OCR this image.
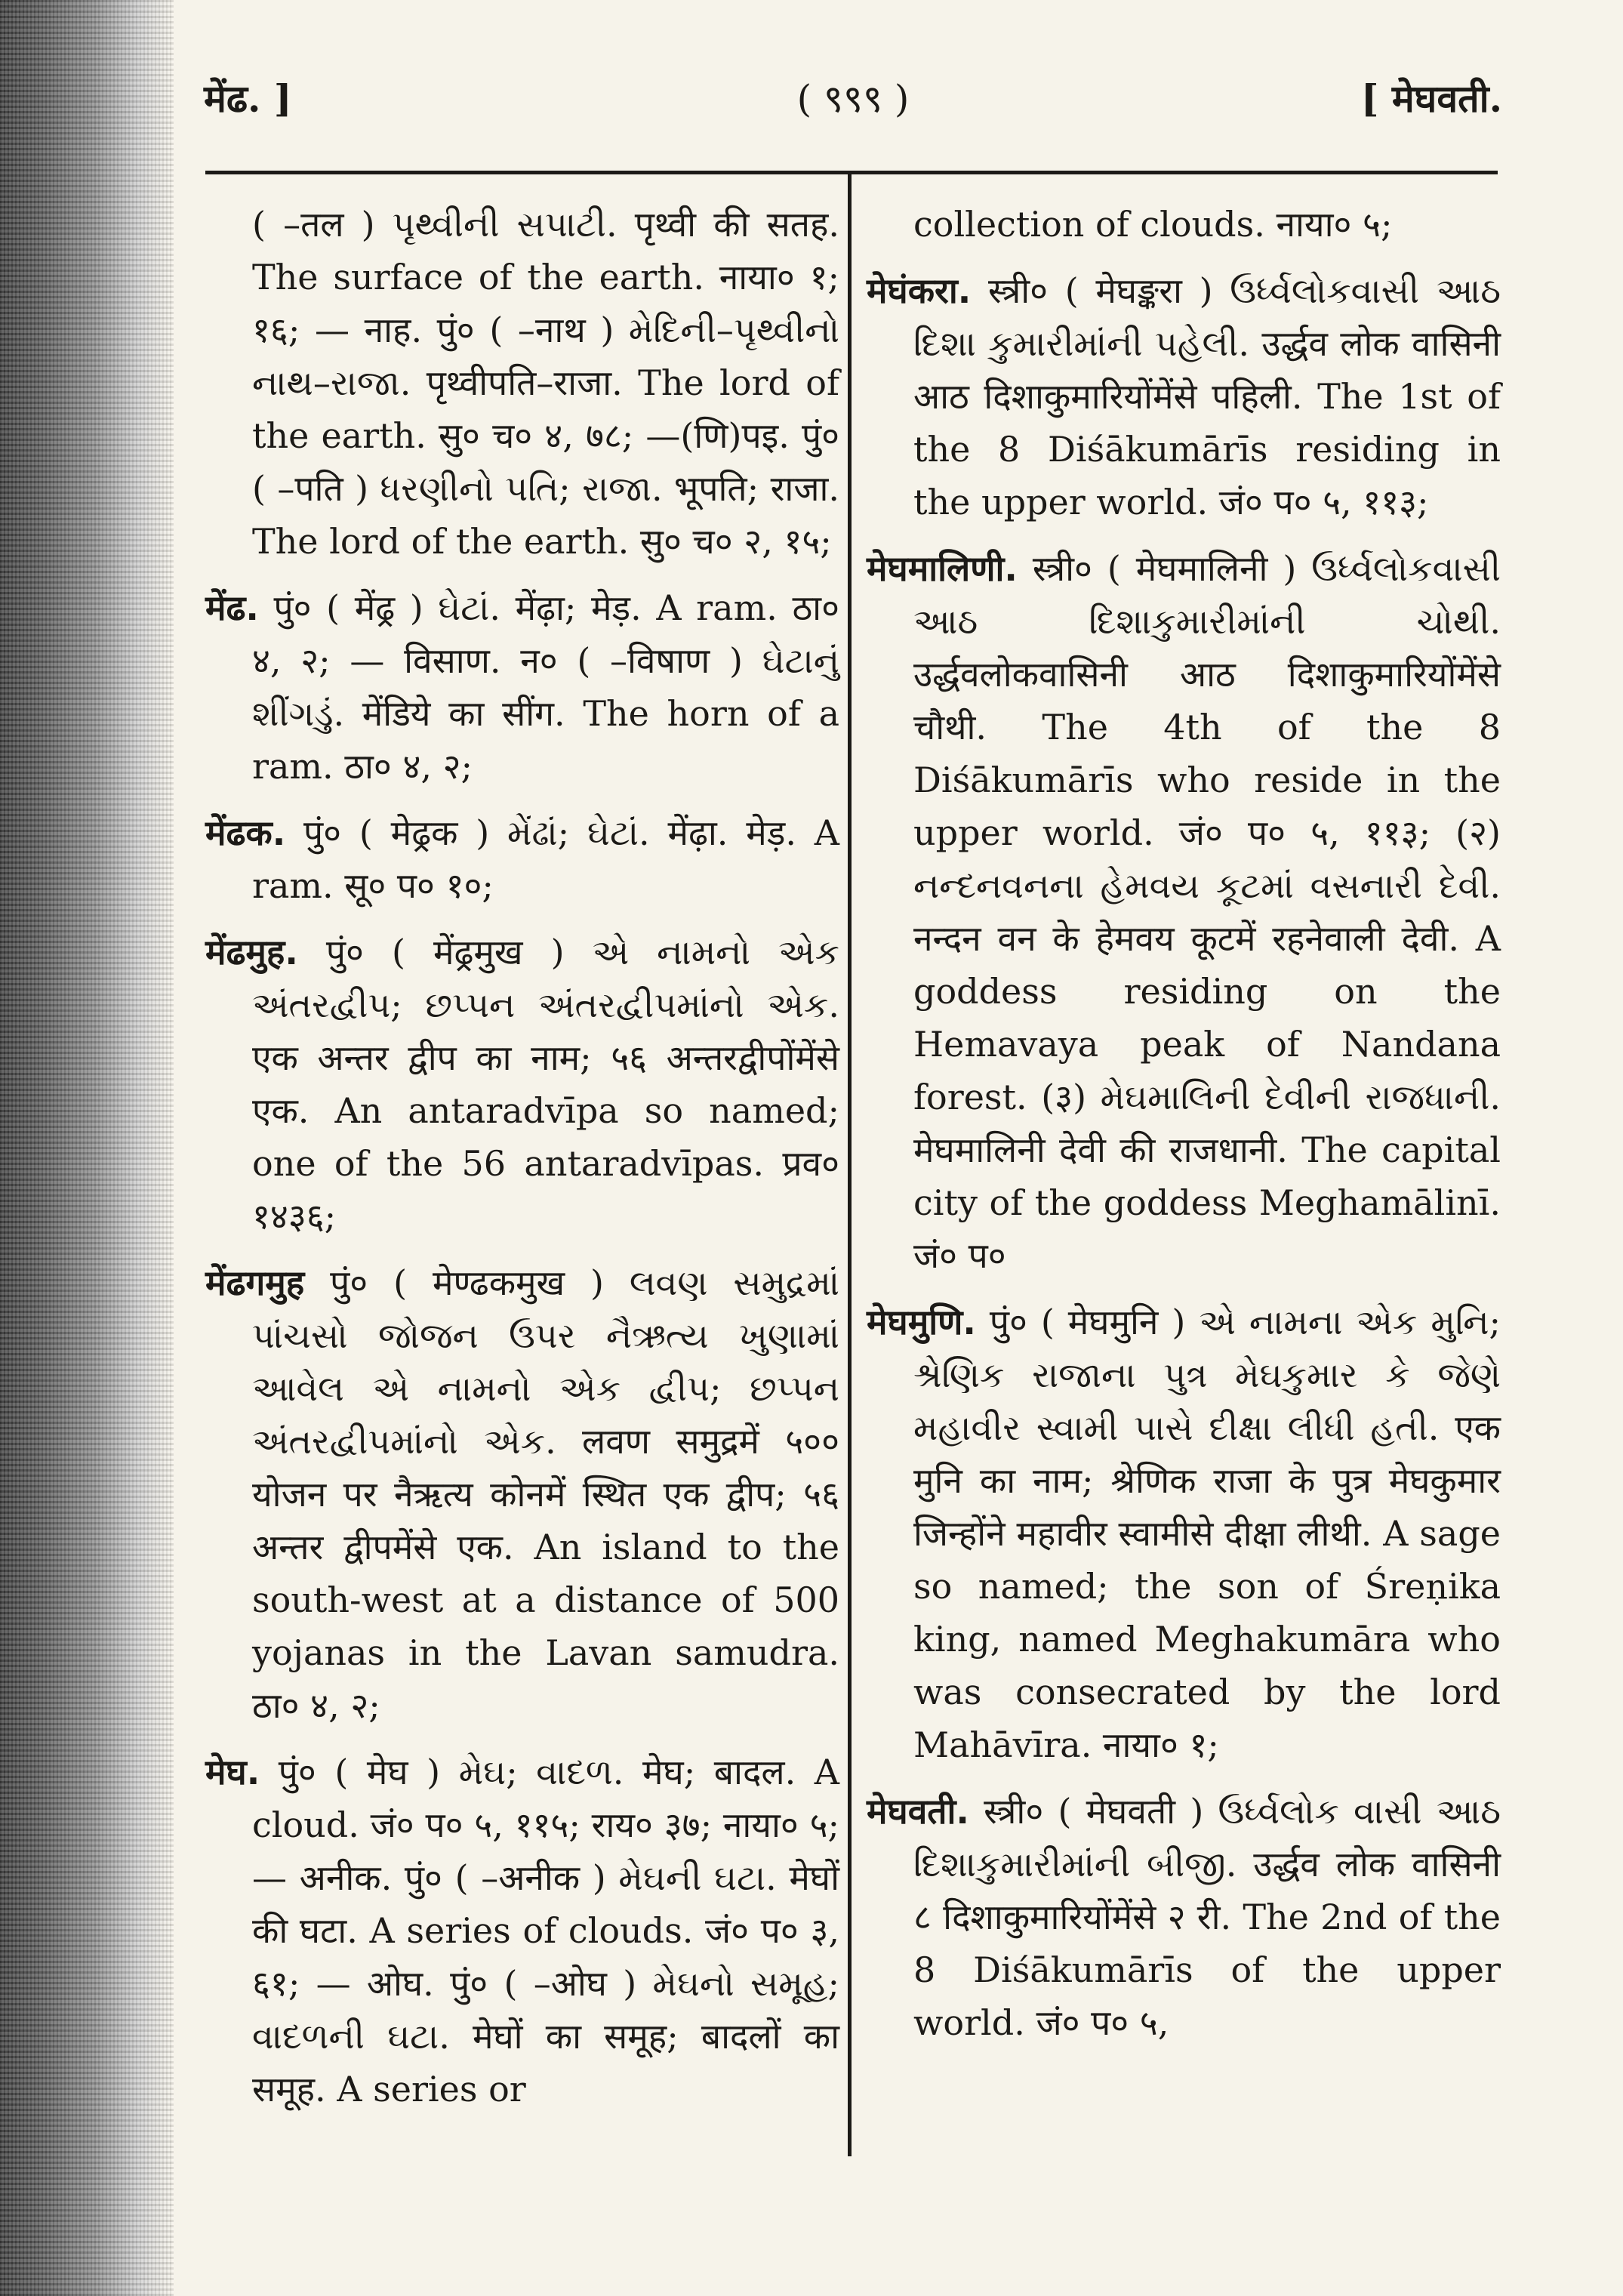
मेंढ. ]	( ९९९ )	[ मेघवती.

( –तल ) પૃથ્વીની સપાટી. पृथ्वी की सतह. The surface of the earth. नाया० १; १६; — नाह. पुं० ( –नाथ ) મેદિની–પૃથ્વીનો નાથ–રાજા. पृथ्वीपति–राजा. The lord of the earth. सु० च० ४, ७८; —(णि)पइ. पुं० ( –पति ) ધરણીનો પતિ; રાજા. भूपति; राजा. The lord of the earth. सु० च० २, १५;

मेंढ. पुं० ( मेंढ्र ) ઘેટાં. मेंढ़ा; मेड़. A ram. ठा० ४, २; — विसाण. न० ( –विषाण ) ઘેટાનું શીંગડું. मेंडिये का सींग. The horn of a ram. ठा० ४, २;

मेंढक. पुं० ( मेढ्रक ) મેંઢાં; ઘેટાં. मेंढ़ा. मेड़. A ram. सू० प० १०;

मेंढमुह. पुं० ( मेंढ्रमुख ) એ નામનો એક અંતરદ્વીપ; છપ્પન અંતરદ્વીપમાંનો એક. एक अन्तर द्वीप का नाम; ५६ अन्तरद्वीपोंमेंसे एक. An antaradvīpa so named; one of the 56 antaradvīpas. प्रव० १४३६;

मेंढगमुह पुं० ( मेण्ढकमुख ) લવણ સમુદ્રમાં પાંચસો જોજન ઉપર નૈઋત્ય ખુણામાં આવેલ એ નામનો એક દ્વીપ; છપ્પન અંતરદ્વીપમાંનો એક. लवण समुद्रमें ५०० योजन पर नैऋत्य कोनमें स्थित एक द्वीप; ५६ अन्तर द्वीपमेंसे एक. An island to the south-west at a distance of 500 yojanas in the Lavan samudra. ठा० ४, २;

मेघ. पुं० ( मेघ ) મેઘ; વાદળ. मेघ; बादल. A cloud. जं० प० ५, ११५; राय० ३७; नाया० ५; — अनीक. पुं० ( –अनीक ) મેઘની ઘટા. मेघों की घटा. A series of clouds. जं० प० ३, ६१; — ओघ. पुं० ( –ओघ ) મેઘનો સમૂહ; વાદળની ઘટા. मेघों का समूह; बादलों का समूह. A series or

collection of clouds. नाया० ५;

मेघंकरा. स्त्री० ( मेघङ्करा ) ઉર્ધ્વલોકવાસી આઠ દિશા કુમારીમાંની પહેલી. उर्द्धव लोक वासिनी आठ दिशाकुमारियोंमेंसे पहिली. The 1st of the 8 Diśākumārīs residing in the upper world. जं० प० ५, ११३;

मेघमालिणी. स्त्री० ( मेघमालिनी ) ઉર્ધ્વલોકવાસી આઠ દિશાકુમારીમાંની ચોથી. उर्द्धवलोकवासिनी आठ दिशाकुमारियोंमेंसे चौथी. The 4th of the 8 Diśākumārīs who reside in the upper world. जं० प० ५, ११३; (२) નન્દનવનના હેમવય કૂટમાં વસનારી દેવી. नन्दन वन के हेमवय कूटमें रहनेवाली देवी. A goddess residing on the Hemavaya peak of Nandana forest. (३) મેઘમાલિની દેવીની રાજધાની. मेघमालिनी देवी की राजधानी. The capital city of the goddess Meghamālinī. जं० प०

मेघमुणि. पुं० ( मेघमुनि ) એ નામના એક મુનિ; શ્રેણિક રાજાના પુત્ર મેઘકુમાર કે જેણે મહાવીર સ્વામી પાસે દીક્ષા લીધી હતી. एक मुनि का नाम; श्रेणिक राजा के पुत्र मेघकुमार जिन्होंने महावीर स्वामीसे दीक्षा लीथी. A sage so named; the son of Śreṇika king, named Meghakumāra who was consecrated by the lord Mahāvīra. नाया० १;

मेघवती. स्त्री० ( मेघवती ) ઉર્ધ્વલોક વાસી આઠ દિશાકુમારીમાંની બીજી. उर्द्धव लोक वासिनी ८ दिशाकुमारियोंमेंसे २ री. The 2nd of the 8 Diśākumārīs of the upper world. जं० प० ५,
